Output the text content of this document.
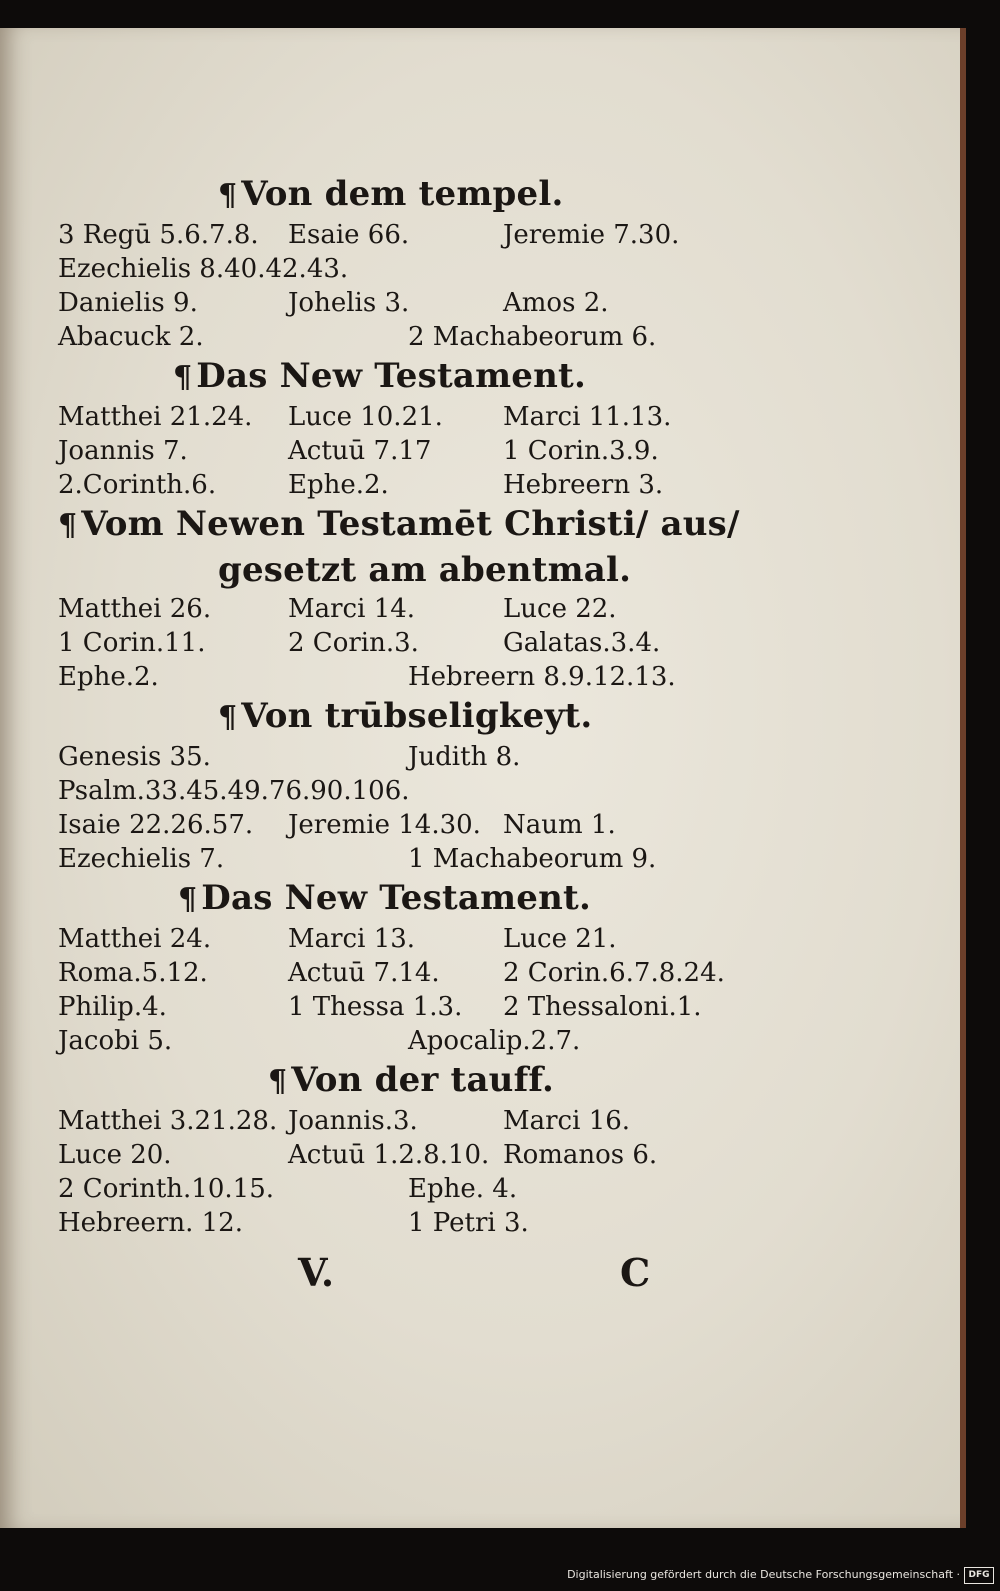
¶ Von dem tempel.
3 Regū 5.6.7.8.	Esaie 66.	Jeremie 7.30.
Ezechielis 8.40.42.43.
Danielis 9.	Johelis 3.	Amos 2.
Abacuck 2.	2 Machabeorum 6.
¶ Das New Testament.
Matthei 21.24.	Luce 10.21.	Marci 11.13.
Joannis 7.	Actuū 7.17	1 Corin.3.9.
2.Corinth.6.	Ephe.2.	Hebreern 3.
¶ Vom Newen Testamēt Christi/ aus/
gesetzt am abentmal.
Matthei 26.	Marci 14.	Luce 22.
1 Corin.11.	2 Corin.3.	Galatas.3.4.
Ephe.2.	Hebreern 8.9.12.13.
¶ Von trūbseligkeyt.
Genesis 35.	Judith 8.
Psalm.33.45.49.76.90.106.
Isaie 22.26.57.	Jeremie 14.30. Naum 1.
Ezechielis 7.	1 Machabeorum 9.
¶ Das New Testament.
Matthei 24.	Marci 13.	Luce 21.
Roma.5.12.	Actuū 7.14.	2 Corin.6.7.8.24.
Philip.4.	1 Thessa 1.3.	2 Thessaloni.1.
Jacobi 5.	Apocalip.2.7.
¶ Von der tauff.
Matthei 3.21.28. Joannis.3.	Marci 16.
Luce 20.	Actuū 1.2.8.10. Romanos 6.
2 Corinth.10.15.	Ephe. 4.
Hebreern. 12.	1 Petri 3.
V.	C
Digitalisierung gefördert durch die Deutsche Forschungsgemeinschaft · DFG
